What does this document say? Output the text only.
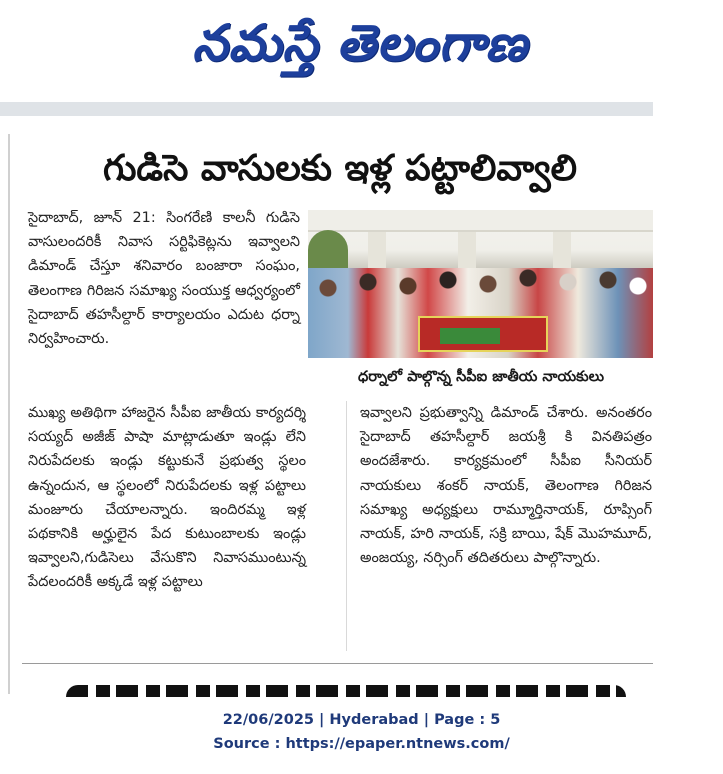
నమస్తే తెలంగాణ
గుడిసె వాసులకు ఇళ్ల పట్టాలివ్వాలి
సైదాబాద్, జూన్ 21: సింగరేణి కాలనీ గుడిసె వాసులందరికీ నివాస సర్టిఫికెట్లను ఇవ్వాలని డిమాండ్ చేస్తూ శనివారం బంజారా సంఘం, తెలంగాణ గిరిజన సమాఖ్య సంయుక్త ఆధ్వర్యంలో సైదాబాద్ తహసీల్దార్ కార్యాలయం ఎదుట ధర్నా నిర్వహించారు.
ధర్నాలో పాల్గొన్న సీపీఐ జాతీయ నాయకులు
ముఖ్య అతిథిగా హాజరైన సీపీఐ జాతీయ కార్యదర్శి సయ్యద్ అజీజ్ పాషా మాట్లాడుతూ ఇండ్లు లేని నిరుపేదలకు ఇండ్లు కట్టుకునే ప్రభుత్వ స్థలం ఉన్నందున, ఆ స్థలంలో నిరుపేదలకు ఇళ్ల పట్టాలు మంజూరు చేయాలన్నారు. ఇందిరమ్మ ఇళ్ల పథకానికి అర్హులైన పేద కుటుంబాలకు ఇండ్లు ఇవ్వాలని,గుడిసెలు వేసుకొని నివాసముంటున్న పేదలందరికీ అక్కడే ఇళ్ల పట్టాలు
ఇవ్వాలని ప్రభుత్వాన్ని డిమాండ్ చేశారు. అనంతరం సైదాబాద్ తహసీల్దార్ జయశ్రీ కి వినతిపత్రం అందజేశారు. కార్యక్రమంలో సీపీఐ సీనియర్ నాయకులు శంకర్ నాయక్, తెలంగాణ గిరిజన సమాఖ్య అధ్యక్షులు రామ్మూర్తినాయక్, రూప్సింగ్ నాయక్, హరి నాయక్, సక్రి బాయి, షేక్ మొహమూద్, అంజయ్య, నర్సింగ్ తదితరులు పాల్గొన్నారు.
22/06/2025 | Hyderabad | Page : 5
Source : https://epaper.ntnews.com/
